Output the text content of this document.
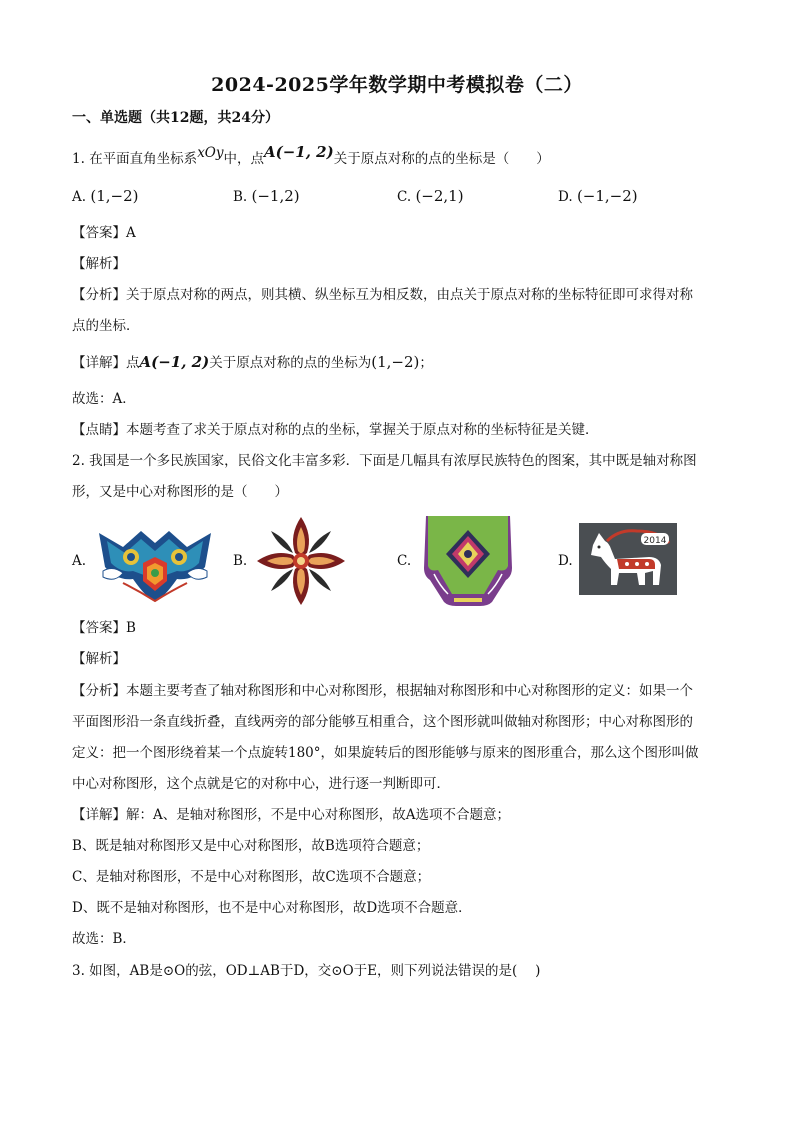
2024-2025学年数学期中考模拟卷（二）
一、单选题（共12题，共24分）
1. 在平面直角坐标系xOy中，点A(−1, 2)关于原点对称的点的坐标是（　　）
A. (1,−2)	B. (−1,2)	C. (−2,1)	D. (−1,−2)
【答案】A
【解析】
【分析】关于原点对称的两点，则其横、纵坐标互为相反数，由点关于原点对称的坐标特征即可求得对称
点的坐标．
【详解】点A(−1, 2)关于原点对称的点的坐标为(1,−2)；
故选：A．
【点睛】本题考查了求关于原点对称的点的坐标，掌握关于原点对称的坐标特征是关键．
2. 我国是一个多民族国家，民俗文化丰富多彩．下面是几幅具有浓厚民族特色的图案，其中既是轴对称图
形，又是中心对称图形的是（　　）
A.	B.	C.	D.
2014
【答案】B
【解析】
【分析】本题主要考查了轴对称图形和中心对称图形，根据轴对称图形和中心对称图形的定义：如果一个
平面图形沿一条直线折叠，直线两旁的部分能够互相重合，这个图形就叫做轴对称图形；中心对称图形的
定义：把一个图形绕着某一个点旋转180°，如果旋转后的图形能够与原来的图形重合，那么这个图形叫做
中心对称图形，这个点就是它的对称中心，进行逐一判断即可．
【详解】解：A、是轴对称图形，不是中心对称图形，故A选项不合题意；
B、既是轴对称图形又是中心对称图形，故B选项符合题意；
C、是轴对称图形，不是中心对称图形，故C选项不合题意；
D、既不是轴对称图形，也不是中心对称图形，故D选项不合题意．
故选：B．
3. 如图，AB是⊙O的弦，OD⊥AB于D，交⊙O于E，则下列说法错误的是(　 )
